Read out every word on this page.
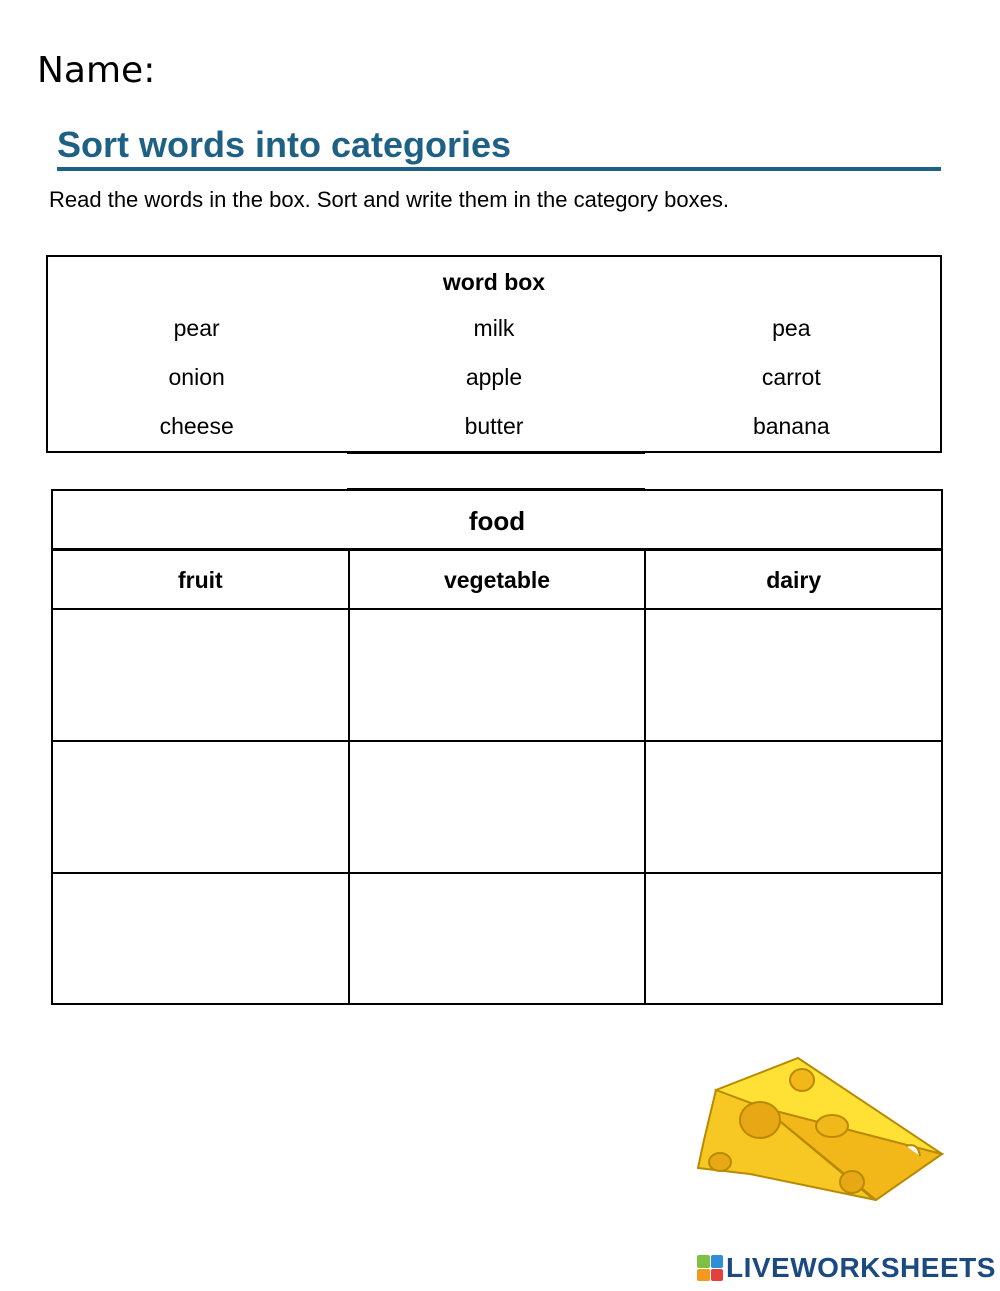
Name:
Sort words into categories
Read the words in the box. Sort and write them in the category boxes.
word box
pear	milk	pea
onion	apple	carrot
cheese	butter	banana
food
fruit	vegetable	dairy
LIVEWORKSHEETS
